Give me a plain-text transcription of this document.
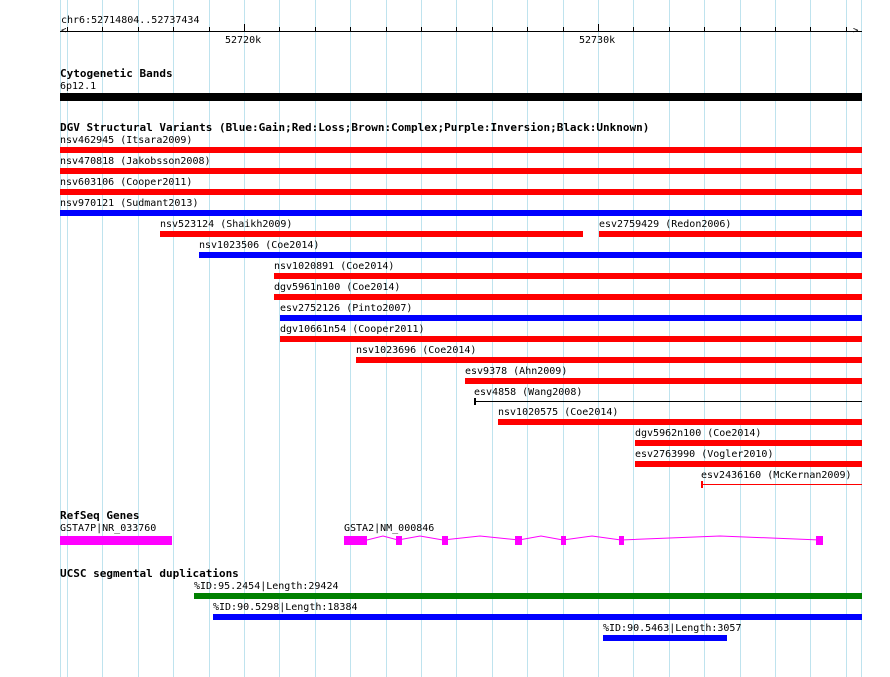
chr6:52714804..52737434
<	>
52720k	52730k
Cytogenetic Bands
6p12.1
DGV Structural Variants (Blue:Gain;Red:Loss;Brown:Complex;Purple:Inversion;Black:Unknown)
nsv462945 (Itsara2009)
nsv470818 (Jakobsson2008)
nsv603106 (Cooper2011)
nsv970121 (Sudmant2013)
nsv523124 (Shaikh2009)	esv2759429 (Redon2006)
nsv1023506 (Coe2014)
nsv1020891 (Coe2014)
dgv5961n100 (Coe2014)
esv2752126 (Pinto2007)
dgv10661n54 (Cooper2011)
nsv1023696 (Coe2014)
esv9378 (Ahn2009)
esv4858 (Wang2008)
nsv1020575 (Coe2014)
dgv5962n100 (Coe2014)
esv2763990 (Vogler2010)
esv2436160 (McKernan2009)
RefSeq Genes
GSTA7P|NR_033760	GSTA2|NM_000846
UCSC segmental duplications
%ID:95.2454|Length:29424
%ID:90.5298|Length:18384
%ID:90.5463|Length:3057
